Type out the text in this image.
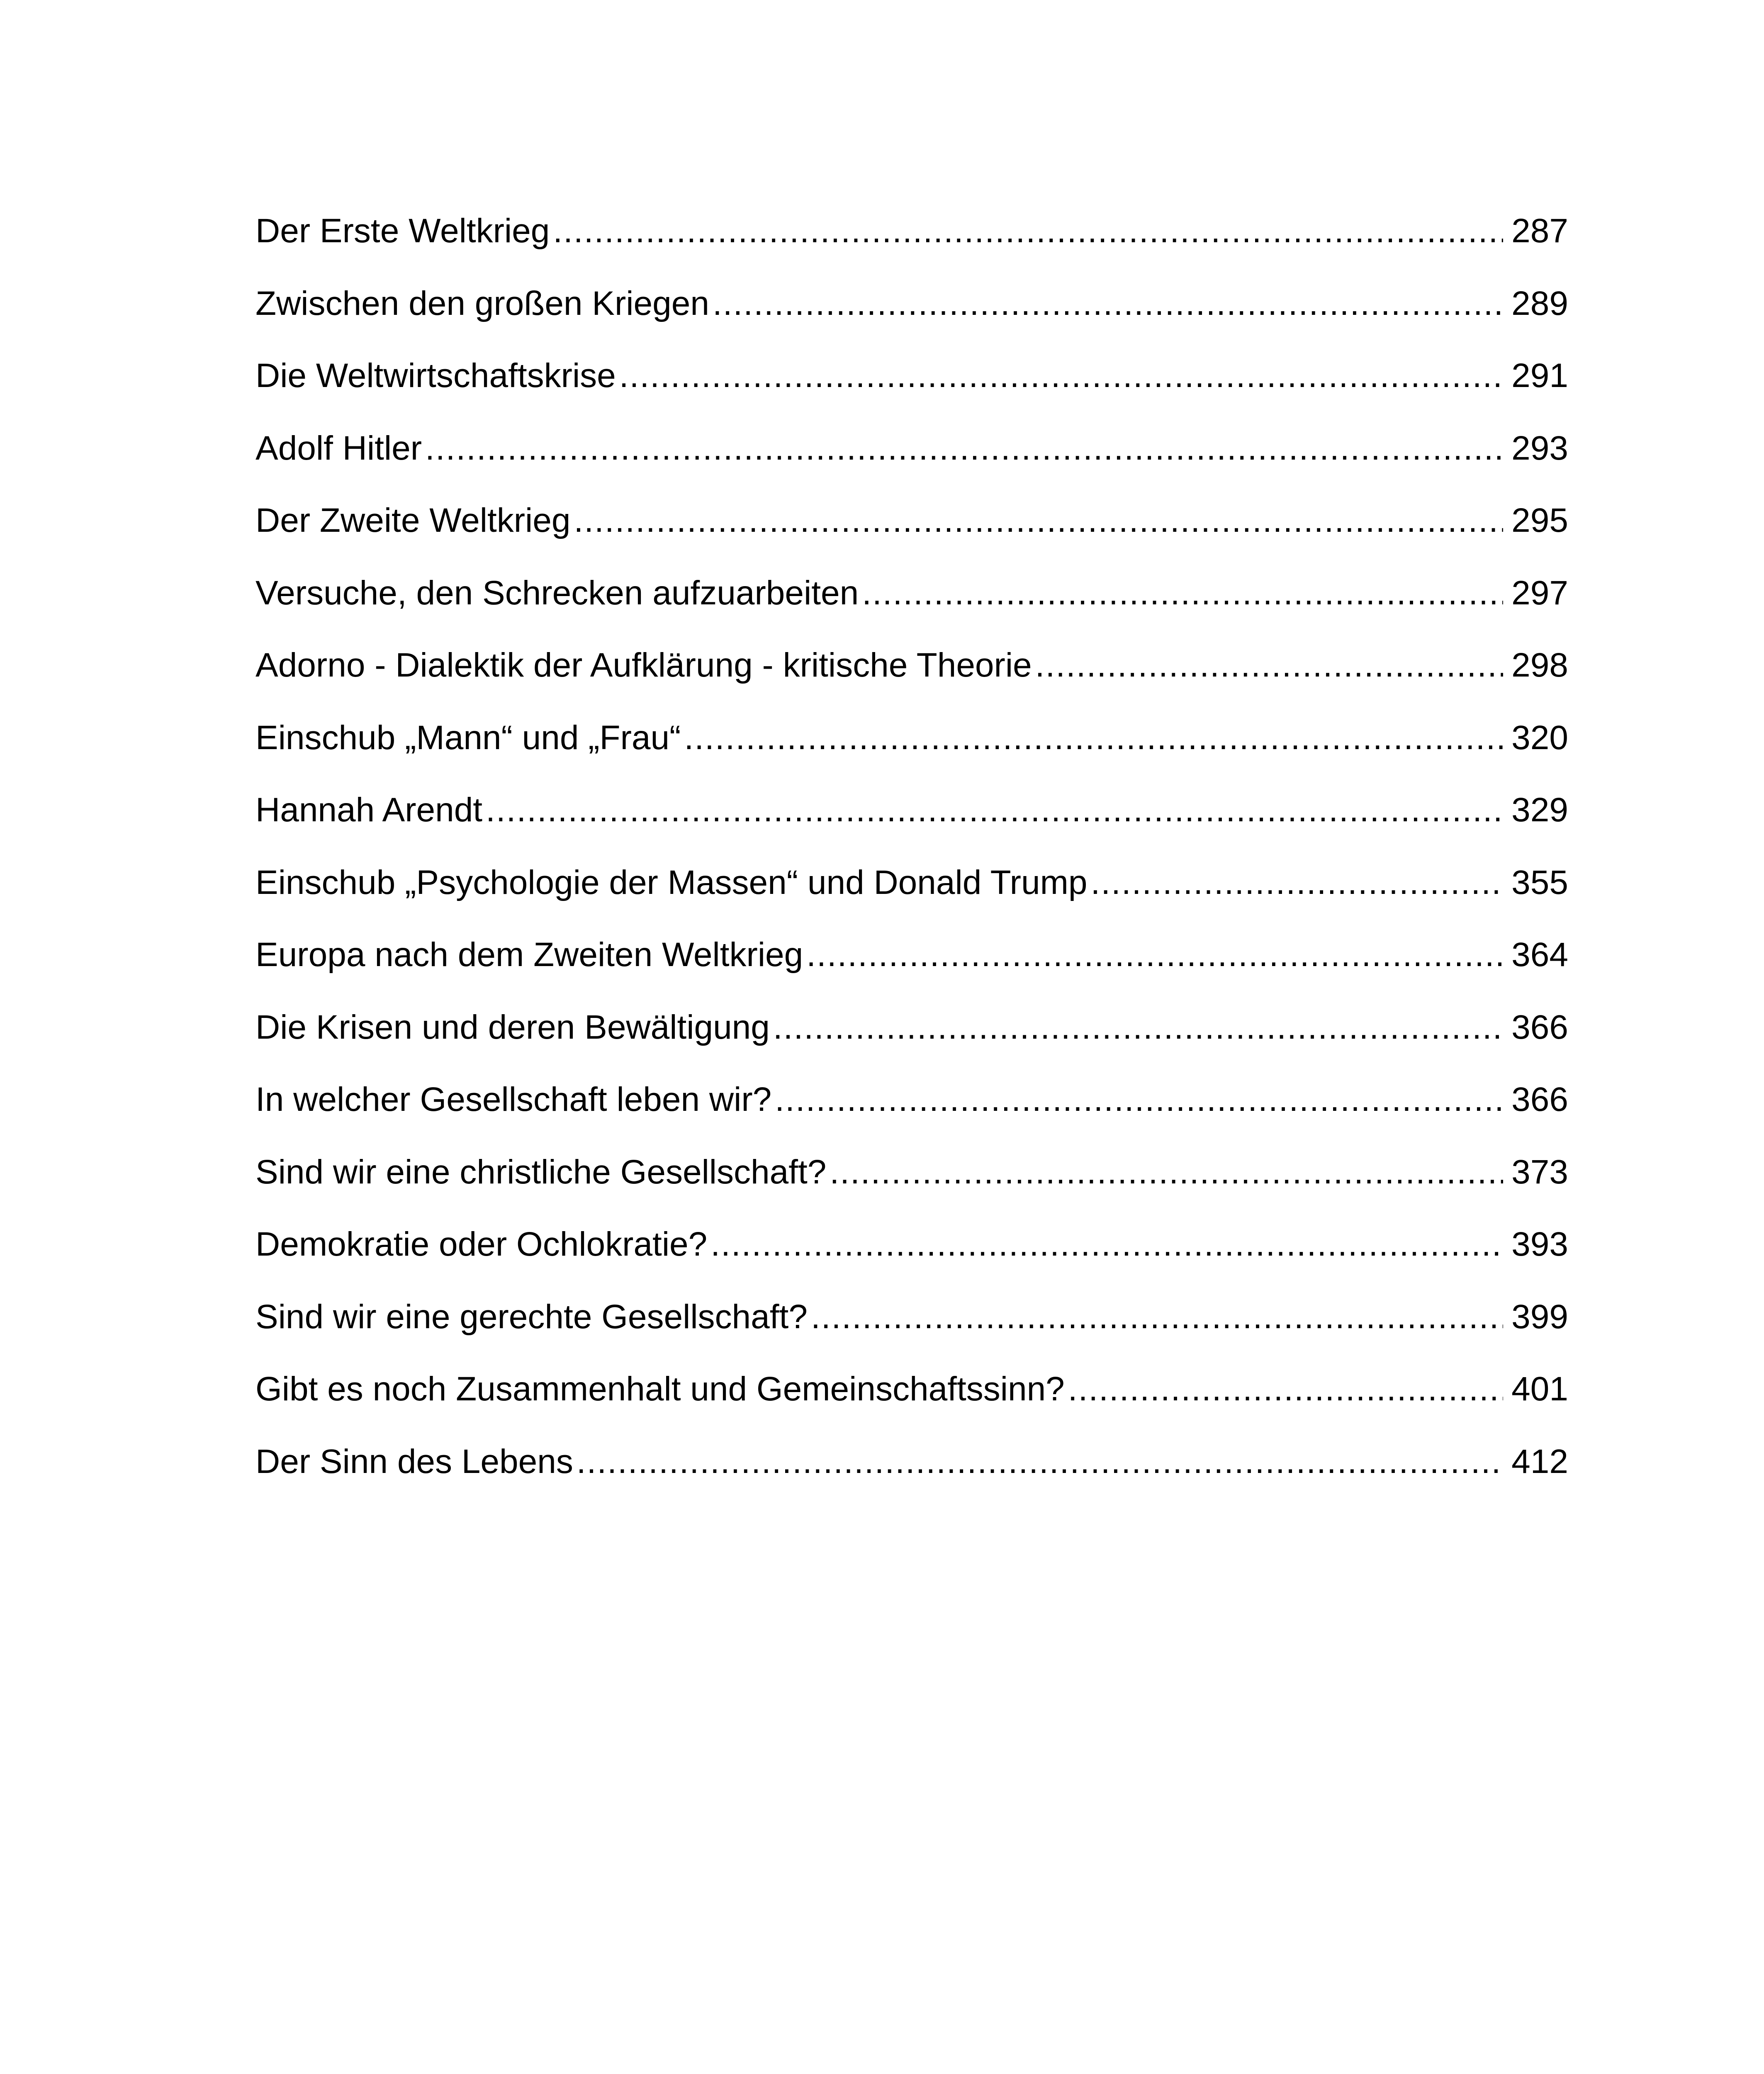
Der Erste Weltkrieg .....	287
Zwischen den großen Kriegen .....	289
Die Weltwirtschaftskrise .....	291
Adolf Hitler .....	293
Der Zweite Weltkrieg .....	295
Versuche, den Schrecken aufzuarbeiten .....	297
Adorno - Dialektik der Aufklärung - kritische Theorie .....	298
Einschub „Mann“ und „Frau“ .....	320
Hannah Arendt .....	329
Einschub „Psychologie der Massen“ und Donald Trump .....	355
Europa nach dem Zweiten Weltkrieg .....	364
Die Krisen und deren Bewältigung .....	366
In welcher Gesellschaft leben wir? .....	366
Sind wir eine christliche Gesellschaft? .....	373
Demokratie oder Ochlokratie? .....	393
Sind wir eine gerechte Gesellschaft? .....	399
Gibt es noch Zusammenhalt und Gemeinschaftssinn? .....	401
Der Sinn des Lebens .....	412
